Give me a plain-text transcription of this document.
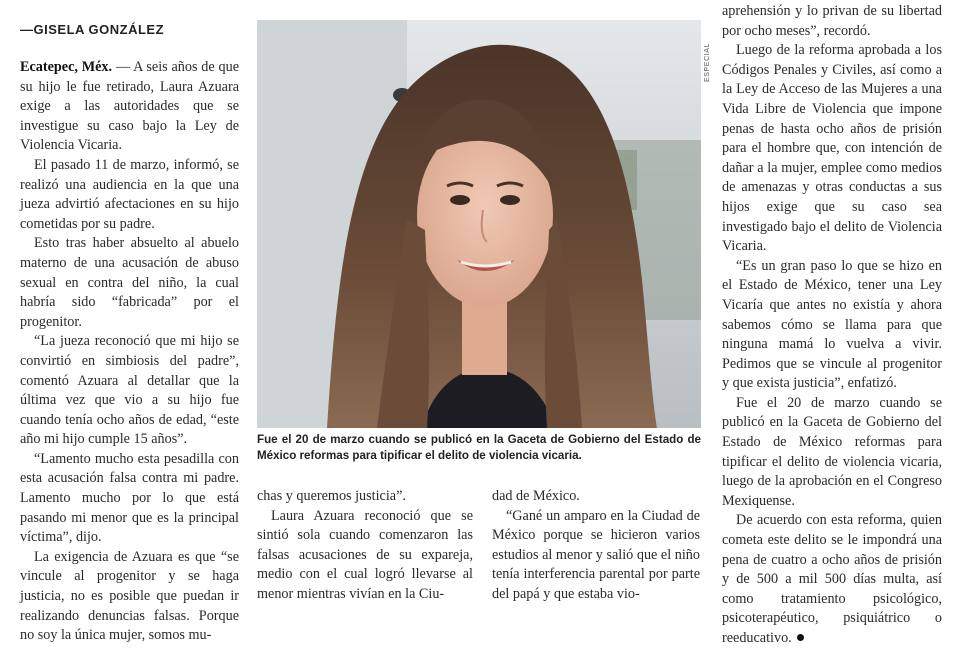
—GISELA GONZÁLEZ

Ecatepec, Méx. — A seis años de que su hijo le fue retirado, Laura Azuara exige a las autoridades que se investigue su caso bajo la Ley de Violencia Vicaria.

El pasado 11 de marzo, informó, se realizó una audiencia en la que una jueza advirtió afectaciones en su hijo cometidas por su padre.

Esto tras haber absuelto al abuelo materno de una acusación de abuso sexual en contra del niño, la cual habría sido “fabricada” por el progenitor.

“La jueza reconoció que mi hijo se convirtió en simbiosis del padre”, comentó Azuara al detallar que la última vez que vio a su hijo fue cuando tenía ocho años de edad, “este año mi hijo cumple 15 años”.

“Lamento mucho esta pesadilla con esta acusación falsa contra mi padre. Lamento mucho por lo que está pasando mi menor que es la principal víctima”, dijo.

La exigencia de Azuara es que “se vincule al progenitor y se haga justicia, no es posible que puedan ir realizando denuncias falsas. Porque no soy la única mujer, somos mu-

ESPECIAL
Fue el 20 de marzo cuando se publicó en la Gaceta de Gobierno del Estado de México reformas para tipificar el delito de violencia vicaria.

chas y queremos justicia”.

Laura Azuara reconoció que se sintió sola cuando comenzaron las falsas acusaciones de su expareja, medio con el cual logró llevarse al menor mientras vivían en la Ciu-

dad de México.

“Gané un amparo en la Ciudad de México porque se hicieron varios estudios al menor y salió que el niño tenía interferencia parental por parte del papá y que estaba vio-

aprehensión y lo privan de su libertad por ocho meses”, recordó.

Luego de la reforma aprobada a los Códigos Penales y Civiles, así como a la Ley de Acceso de las Mujeres a una Vida Libre de Violencia que impone penas de hasta ocho años de prisión para el hombre que, con intención de dañar a la mujer, emplee como medios de amenazas y otras conductas a sus hijos exige que su caso sea investigado bajo el delito de Violencia Vicaria.

“Es un gran paso lo que se hizo en el Estado de México, tener una Ley Vicaría que antes no existía y ahora sabemos cómo se llama para que ninguna mamá lo vuelva a vivir. Pedimos que se vincule al progenitor y que exista justicia”, enfatizó.

Fue el 20 de marzo cuando se publicó en la Gaceta de Gobierno del Estado de México reformas para tipificar el delito de violencia vicaria, luego de la aprobación en el Congreso Mexiquense.

De acuerdo con esta reforma, quien cometa este delito se le impondrá una pena de cuatro a ocho años de prisión y de 500 a mil 500 días multa, así como tratamiento psicológico, psicoterapéutico, psiquiátrico o reeducativo.
